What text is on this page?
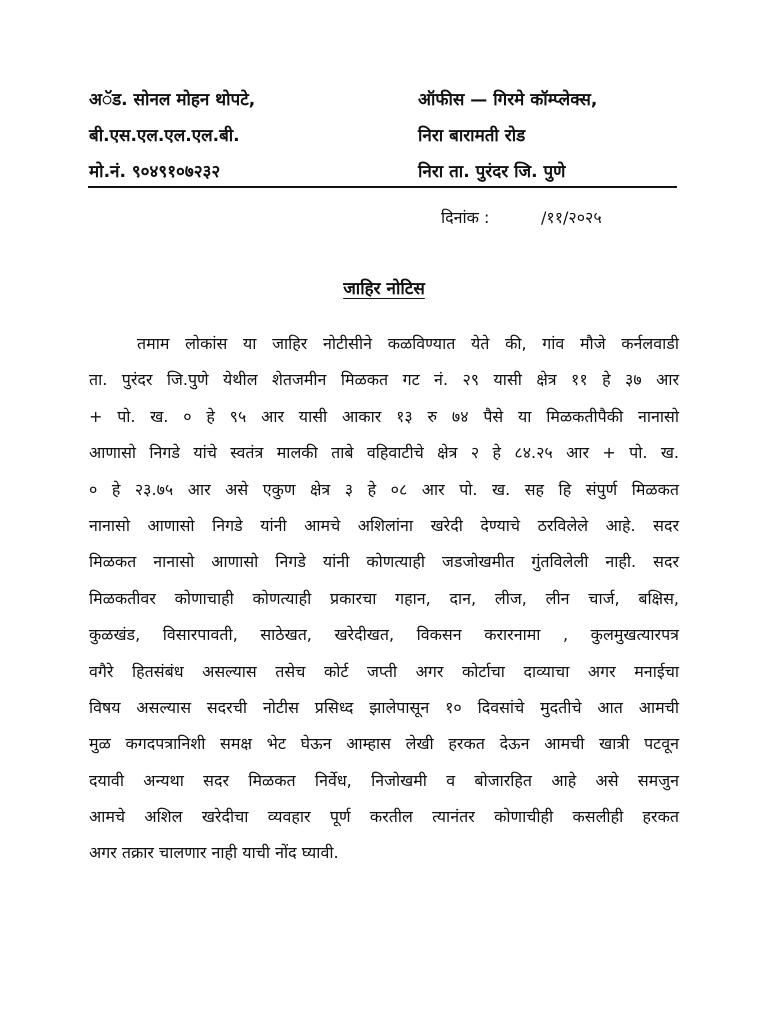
अॅड. सोनल मोहन थोपटे,
बी.एस.एल.एल.एल.बी.
मो.नं. ९०४९१०७२३२
ऑफीस — गिरमे कॉम्प्लेक्स,
निरा बारामती रोड
निरा ता. पुरंदर जि. पुणे
दिनांक :	/११/२०२५
जाहिर नोटिस
तमाम लोकांस या जाहिर नोटीसीने कळविण्यात येते की, गांव मौजे कर्नलवाडी
ता. पुरंदर जि.पुणे येथील शेतजमीन मिळकत गट नं. २९ यासी क्षेत्र ११ हे ३७ आर
+ पो. ख. ० हे ९५ आर यासी आकार १३ रु ७४ पैसे या मिळकतीपैकी नानासो
आणासो निगडे यांचे स्वतंत्र मालकी ताबे वहिवाटीचे क्षेत्र २ हे ८४.२५ आर + पो. ख.
० हे २३.७५ आर असे एकुण क्षेत्र ३ हे ०८ आर पो. ख. सह हि संपुर्ण मिळकत
नानासो आणासो निगडे यांनी आमचे अशिलांना खरेदी देण्याचे ठरविलेले आहे. सदर
मिळकत नानासो आणासो निगडे यांनी कोणत्याही जडजोखमीत गुंतविलेली नाही. सदर
मिळकतीवर कोणाचाही कोणत्याही प्रकारचा गहान, दान, लीज, लीन चार्ज, बक्षिस,
कुळखंड, विसारपावती, साठेखत, खरेदीखत, विकसन करारनामा , कुलमुखत्यारपत्र
वगैरे हितसंबंध असल्यास तसेच कोर्ट जप्ती अगर कोर्टाचा दाव्याचा अगर मनाईचा
विषय असल्यास सदरची नोटीस प्रसिध्द झालेपासून १० दिवसांचे मुदतीचे आत आमची
मुळ कगदपत्रानिशी समक्ष भेट घेऊन आम्हास लेखी हरकत देऊन आमची खात्री पटवून
दयावी अन्यथा सदर मिळकत निर्वेध, निजोखमी व बोजारहित आहे असे समजुन
आमचे अशिल खरेदीचा व्यवहार पूर्ण करतील त्यानंतर कोणाचीही कसलीही हरकत
अगर तक्रार चालणार नाही याची नोंद घ्यावी.
